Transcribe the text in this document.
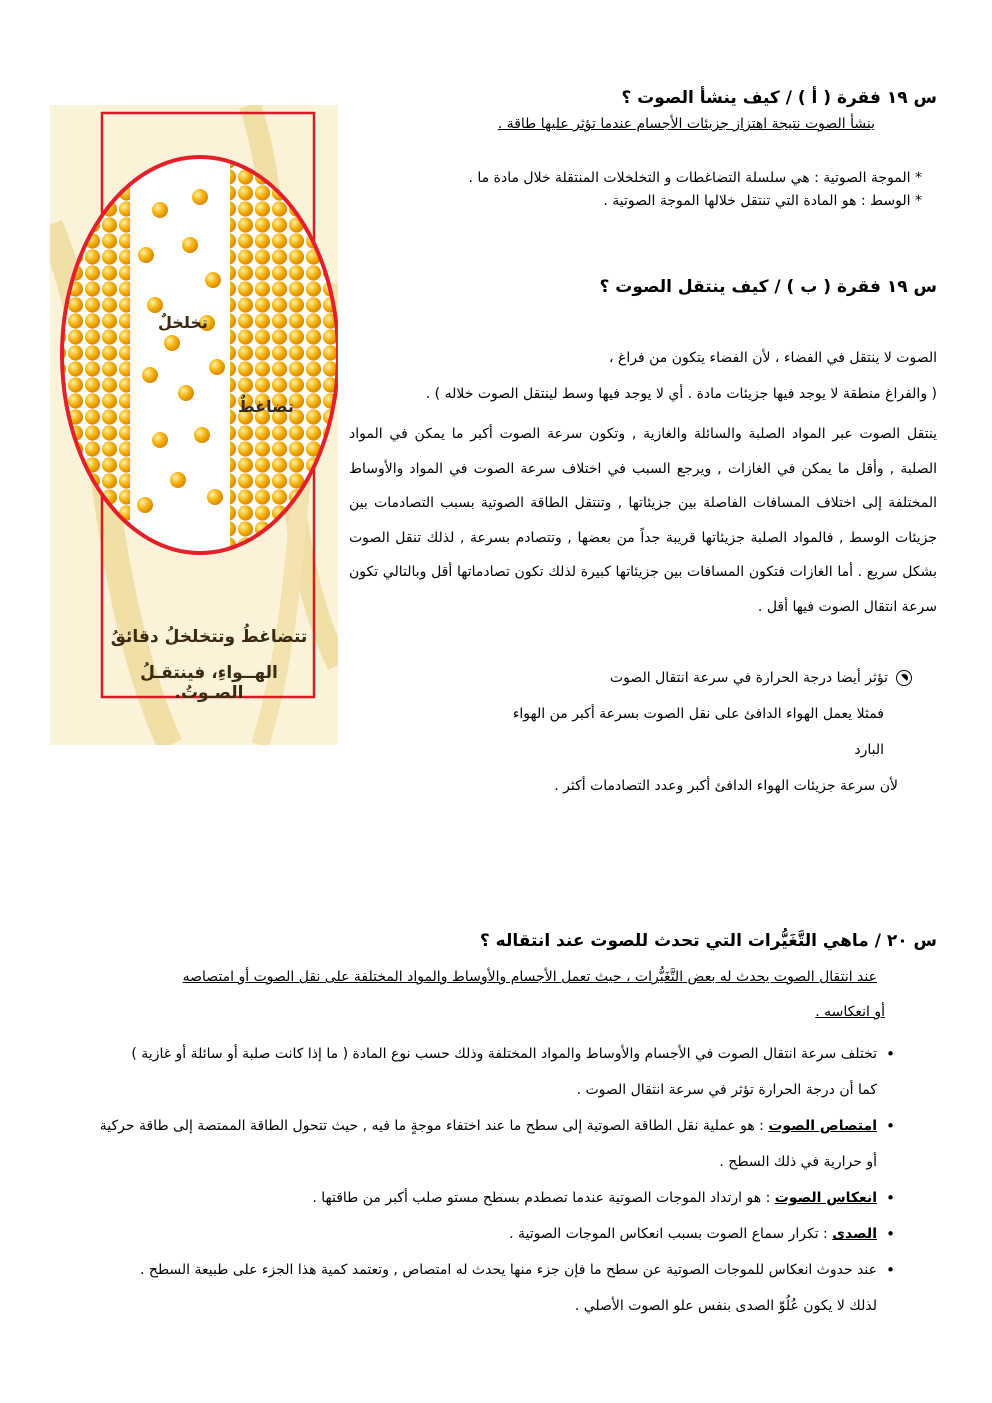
س ١٩ فقرة ( أ ) / كيف ينشأ الصوت ؟
ينشأ الصوت نتيجة اهتزاز جزيئات الأجسام عندما تؤثر عليها طاقة .
* الموجة الصوتية : هي سلسلة التضاغطات و التخلخلات المنتقلة خلال مادة ما .
* الوسط : هو المادة التي تنتقل خلالها الموجة الصوتية .
س ١٩ فقرة ( ب ) / كيف ينتقل الصوت ؟
الصوت لا ينتقل في الفضاء ، لأن الفضاء يتكون من فراغ ،
( والفراغ منطقة لا يوجد فيها جزيئات مادة . أي لا يوجد فيها وسط لينتقل الصوت خلاله ) .
ينتقل الصوت عبر المواد الصلبة والسائلة والغازية , وتكون سرعة الصوت أكبر ما يمكن في المواد الصلبة , وأقل ما يمكن في الغازات , ويرجع السبب في اختلاف سرعة الصوت في المواد والأوساط المختلفة إلى اختلاف المسافات الفاصلة بين جزيئاتها , وتنتقل الطاقة الصوتية بسبب التصادمات بين جزيئات الوسط , فالمواد الصلبة جزيئاتها قريبة جداً من بعضها , وتتصادم بسرعة , لذلك تنقل الصوت بشكل سريع . أما الغازات فتكون المسافات بين جزيئاتها كبيرة لذلك تكون تصادماتها أقل وبالتالي تكون سرعة انتقال الصوت فيها أقل .
تؤثر أيضا درجة الحرارة في سرعة انتقال الصوت
فمثلا يعمل الهواء الدافئ على نقل الصوت بسرعة أكبر من الهواء البارد
لأن سرعة جزيئات الهواء الدافئ أكبر وعدد التصادمات أكثر .
تخلخلٌ
تضاغطٌ
تتضاغطُ وتتخلخلُ دقائقُ
الهــواءِ، فينتقـلُ الصـوتُ.
س ٢٠ / ماهي التَّغَيُّرات التي تحدث للصوت عند انتقاله ؟
عند انتقال الصوت يحدث له بعض التَّغَيُّرات ، حيث تعمل الأجسام والأوساط والمواد المختلفة على نقل الصوت أو امتصاصه
أو انعكاسه .
• تختلف سرعة انتقال الصوت في الأجسام والأوساط والمواد المختلفة وذلك حسب نوع المادة ( ما إذا كانت صلبة أو سائلة أو غازية )
كما أن درجة الحرارة تؤثر في سرعة انتقال الصوت .
• امتصاص الصوت : هو عملية نقل الطاقة الصوتية إلى سطح ما عند اختفاء موجةٍ ما فيه , حيث تتحول الطاقة الممتصة إلى طاقة حركية
أو حرارية في ذلك السطح .
• انعكاس الصوت : هو ارتداد الموجات الصوتية عندما تصطدم بسطح مستو صلب أكبر من طاقتها .
• الصدى : تكرار سماع الصوت بسبب انعكاس الموجات الصوتية .
• عند حدوث انعكاس للموجات الصوتية عن سطح ما فإن جزء منها يحدث له امتصاص , وتعتمد كمية هذا الجزء على طبيعة السطح .
لذلك لا يكون عُلُوّ الصدى بنفس علو الصوت الأصلي .
